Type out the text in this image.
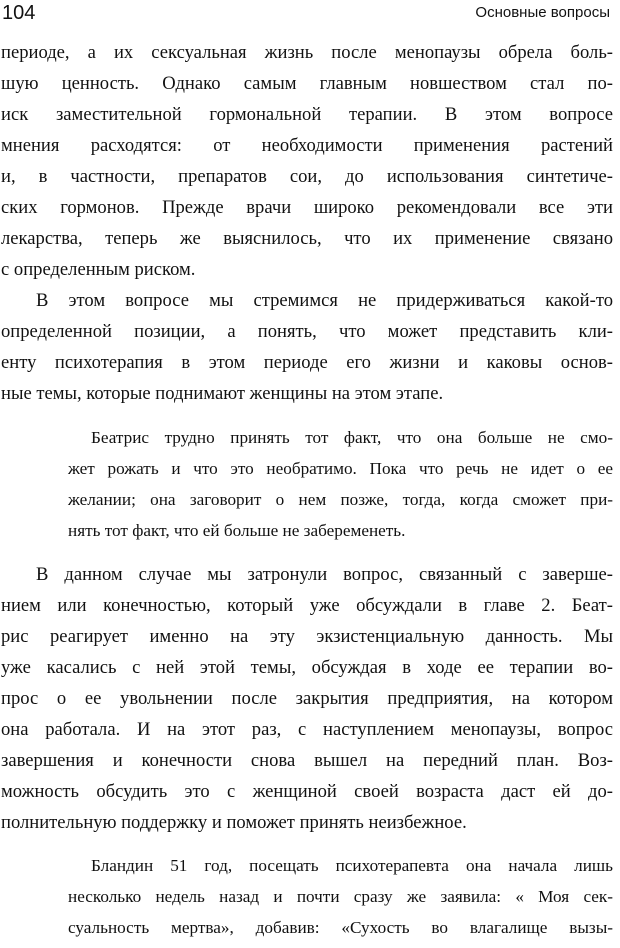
104	Основные вопросы

периоде, а их сексуальная жизнь после менопаузы обрела боль-

шую ценность. Однако самым главным новшеством стал по-

иск заместительной гормональной терапии. В этом вопросе

мнения расходятся: от необходимости применения растений

и, в частности, препаратов сои, до использования синтетиче-

ских гормонов. Прежде врачи широко рекомендовали все эти

лекарства, теперь же выяснилось, что их применение связано

с определенным риском.

В этом вопросе мы стремимся не придерживаться какой-то

определенной позиции, а понять, что может представить кли-

енту психотерапия в этом периоде его жизни и каковы основ-

ные темы, которые поднимают женщины на этом этапе.

Беатрис трудно принять тот факт, что она больше не смо-

жет рожать и что это необратимо. Пока что речь не идет о ее

желании; она заговорит о нем позже, тогда, когда сможет при-

нять тот факт, что ей больше не забеременеть.

В данном случае мы затронули вопрос, связанный с заверше-

нием или конечностью, который уже обсуждали в главе 2. Беат-

рис реагирует именно на эту экзистенциальную данность. Мы

уже касались с ней этой темы, обсуждая в ходе ее терапии во-

прос о ее увольнении после закрытия предприятия, на котором

она работала. И на этот раз, с наступлением менопаузы, вопрос

завершения и конечности снова вышел на передний план. Воз-

можность обсудить это с женщиной своей возраста даст ей до-

полнительную поддержку и поможет принять неизбежное.

Бландин 51 год, посещать психотерапевта она начала лишь

несколько недель назад и почти сразу же заявила: « Моя сек-

суальность мертва», добавив: «Сухость во влагалище вызы-
